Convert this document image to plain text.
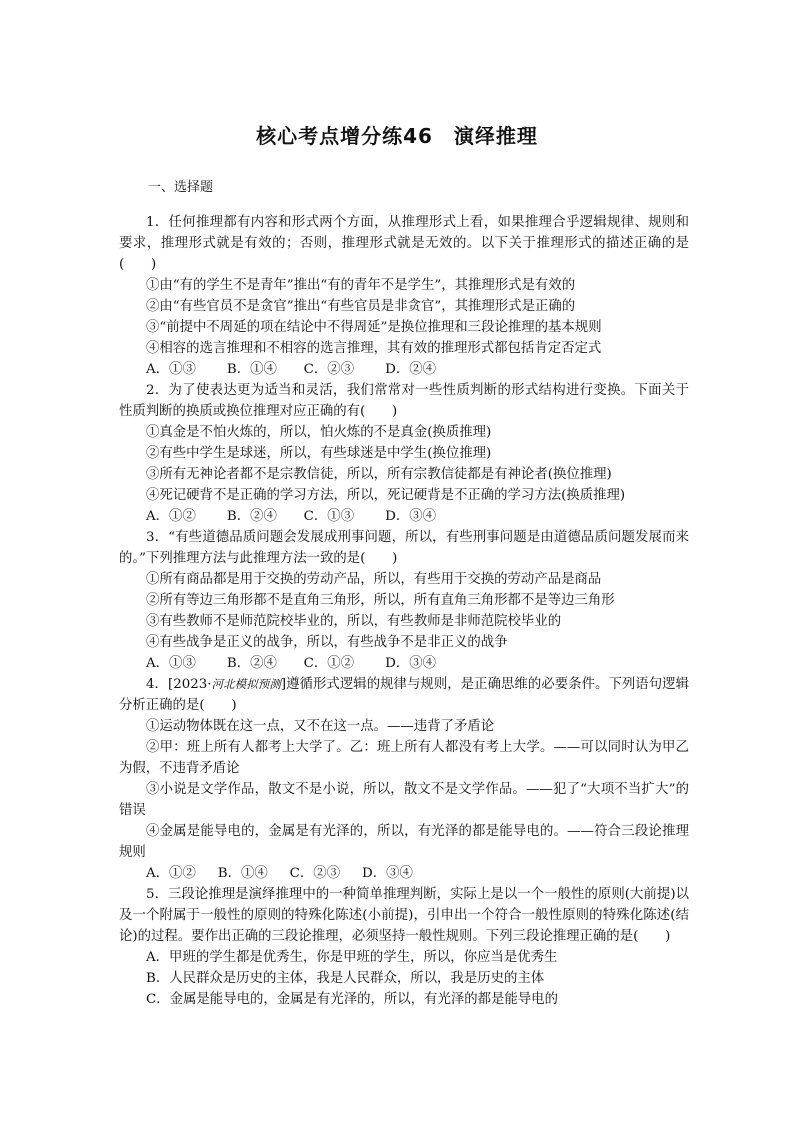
核心考点增分练46　演绎推理
一、选择题

1．任何推理都有内容和形式两个方面，从推理形式上看，如果推理合乎逻辑规律、规则和要求，推理形式就是有效的；否则，推理形式就是无效的。以下关于推理形式的描述正确的是(　　)

①由“有的学生不是青年”推出“有的青年不是学生”，其推理形式是有效的

②由“有些官员不是贪官”推出“有些官员是非贪官”，其推理形式是正确的

③“前提中不周延的项在结论中不得周延”是换位推理和三段论推理的基本规则

④相容的选言推理和不相容的选言推理，其有效的推理形式都包括肯定否定式

A．①③　　 B．①④　　C．②③　　 D．②④

2．为了使表达更为适当和灵活，我们常常对一些性质判断的形式结构进行变换。下面关于性质判断的换质或换位推理对应正确的有(　　)

①真金是不怕火炼的，所以，怕火炼的不是真金(换质推理)

②有些中学生是球迷，所以，有些球迷是中学生(换位推理)

③所有无神论者都不是宗教信徒，所以，所有宗教信徒都是有神论者(换位推理)

④死记硬背不是正确的学习方法，所以，死记硬背是不正确的学习方法(换质推理)

A．①②　　 B．②④　　C．①③　　 D．③④

3．“有些道德品质问题会发展成刑事问题，所以，有些刑事问题是由道德品质问题发展而来的。”下列推理方法与此推理方法一致的是(　　)

①所有商品都是用于交换的劳动产品，所以，有些用于交换的劳动产品是商品

②所有等边三角形都不是直角三角形，所以，所有直角三角形都不是等边三角形

③有些教师不是师范院校毕业的，所以，有些教师是非师范院校毕业的

④有些战争是正义的战争，所以，有些战争不是非正义的战争

A．①③　　 B．②④　　C．①②　　 D．③④

4．[2023·河北模拟预测]遵循形式逻辑的规律与规则，是正确思维的必要条件。下列语句逻辑分析正确的是(　　)

①运动物体既在这一点，又不在这一点。——违背了矛盾论

②甲：班上所有人都考上大学了。乙：班上所有人都没有考上大学。——可以同时认为甲乙为假，不违背矛盾论

③小说是文学作品，散文不是小说，所以，散文不是文学作品。——犯了“大项不当扩大”的错误

④金属是能导电的，金属是有光泽的，所以，有光泽的都是能导电的。——符合三段论推理规则

A．①②　  B．①④　  C．②③　  D．③④

5．三段论推理是演绎推理中的一种简单推理判断，实际上是以一个一般性的原则(大前提)以及一个附属于一般性的原则的特殊化陈述(小前提)，引申出一个符合一般性原则的特殊化陈述(结论)的过程。要作出正确的三段论推理，必须坚持一般性规则。下列三段论推理正确的是(　　)

A．甲班的学生都是优秀生，你是甲班的学生，所以，你应当是优秀生

B．人民群众是历史的主体，我是人民群众，所以，我是历史的主体

C．金属是能导电的，金属是有光泽的，所以，有光泽的都是能导电的
